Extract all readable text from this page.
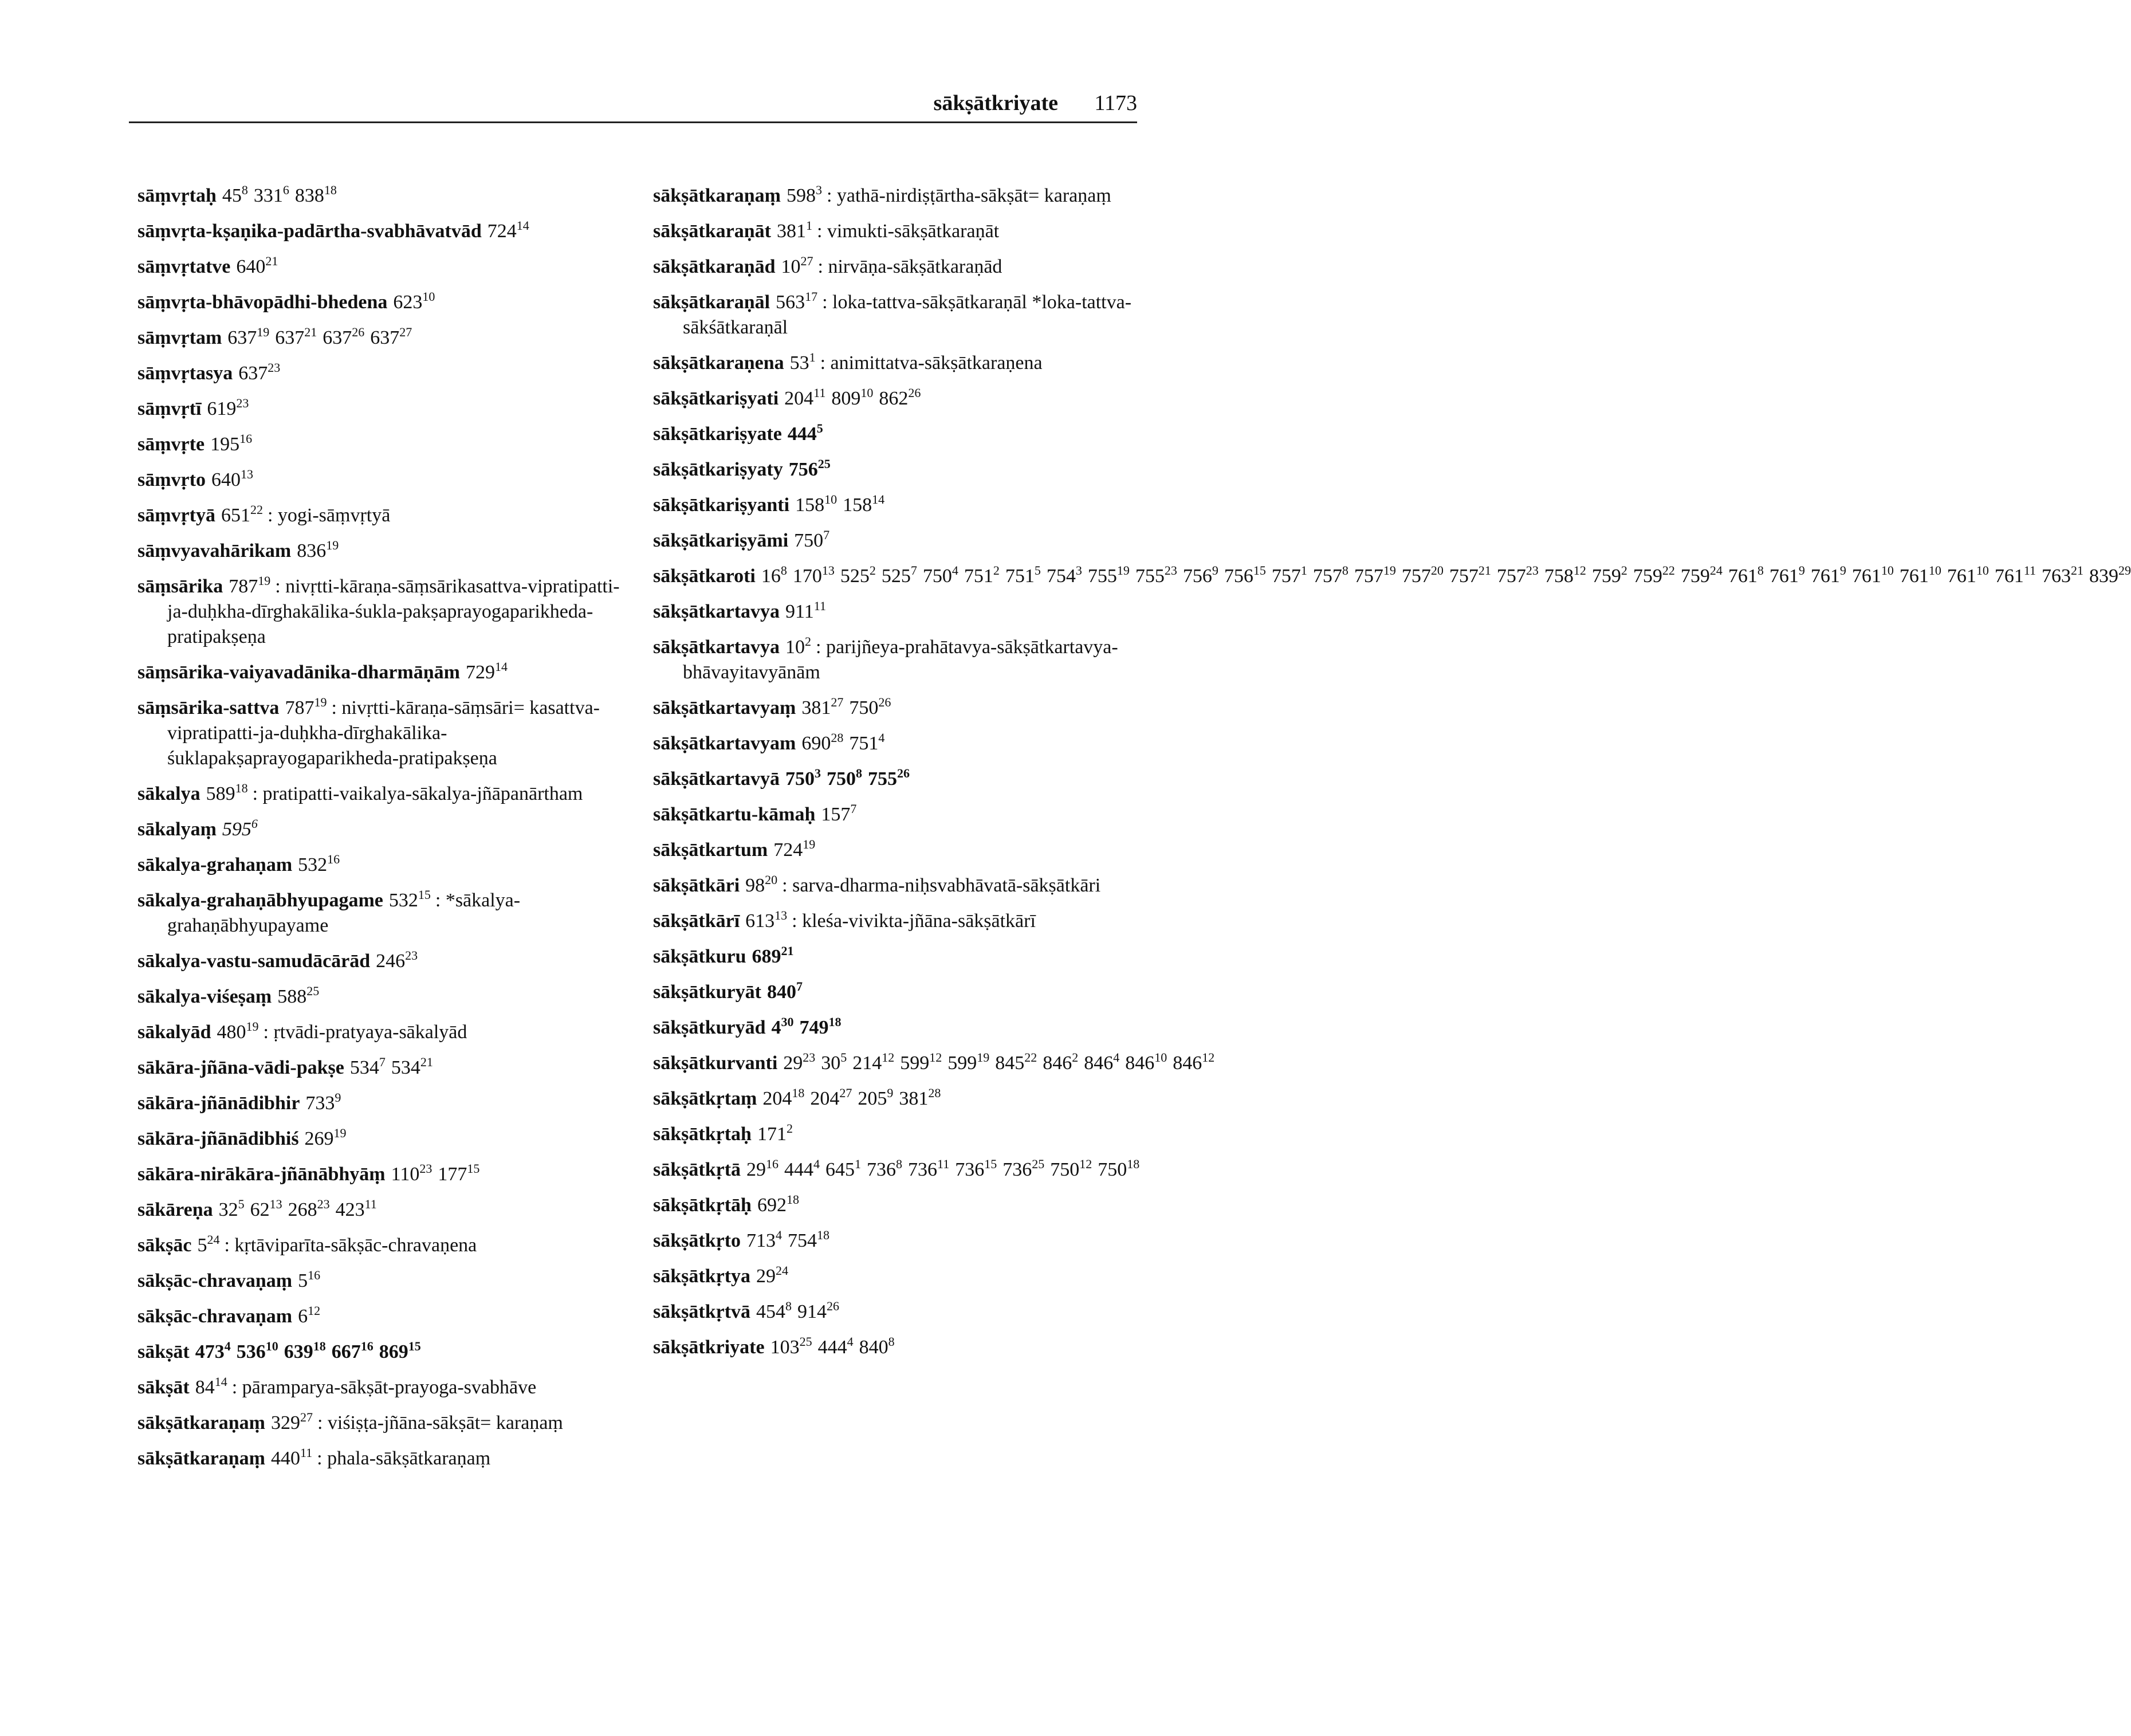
sākṣātkriyate 1173
sāṃvṛtaḥ $45^8$ $331^6$ $838^{18}$
sāṃvṛta-kṣaṇika-padārtha-svabhāvatvād $724^{14}$
sāṃvṛtatve $640^{21}$
sāṃvṛta-bhāvopādhi-bhedena $623^{10}$
sāṃvṛtam $637^{19}$ $637^{21}$ $637^{26}$ $637^{27}$
sāṃvṛtasya $637^{23}$
sāṃvṛtī $619^{23}$
sāṃvṛte $195^{16}$
sāṃvṛto $640^{13}$
sāṃvṛtyā $651^{22}$ : yogi-sāṃvṛtyā
sāṃvyavahārikam $836^{19}$
sāṃsārika $787^{19}$ : nivṛtti-kāraṇa-sāṃsārikasattva-vipratipatti-ja-duḥkha-dīrghakālika-śukla-pakṣaprayogaparikheda-pratipakṣeṇa
sāṃsārika-vaiyavadānika-dharmāṇām $729^{14}$
sāṃsārika-sattva $787^{19}$ : nivṛtti-kāraṇa-sāṃsāri= kasattva-vipratipatti-ja-duḥkha-dīrghakālika-śuklapakṣaprayogaparikheda-pratipakṣeṇa
sākalya $589^{18}$ : pratipatti-vaikalya-sākalya-jñāpanārtham
sākalyaṃ $595^6$
sākalya-grahaṇam $532^{16}$
sākalya-grahaṇābhyupagame $532^{15}$ : *sākalya-grahaṇābhyupayame
sākalya-vastu-samudācārād $246^{23}$
sākalya-viśeṣaṃ $588^{25}$
sākalyād $480^{19}$ : ṛtvādi-pratyaya-sākalyād
sākāra-jñāna-vādi-pakṣe $534^7$ $534^{21}$
sākāra-jñānādibhir $733^9$
sākāra-jñānādibhiś $269^{19}$
sākāra-nirākāra-jñānābhyāṃ $110^{23}$ $177^{15}$
sākāreṇa $32^5$ $62^{13}$ $268^{23}$ $423^{11}$
sākṣāc $5^{24}$ : kṛtāviparīta-sākṣāc-chravaṇena
sākṣāc-chravaṇaṃ $5^{16}$
sākṣāc-chravaṇam $6^{12}$
sākṣāt $473^4$ $536^{10}$ $639^{18}$ $667^{16}$ $869^{15}$
sākṣāt $84^{14}$ : pāramparya-sākṣāt-prayoga-svabhāve
sākṣātkaraṇaṃ $329^{27}$ : viśiṣṭa-jñāna-sākṣāt= karaṇaṃ
sākṣātkaraṇaṃ $440^{11}$ : phala-sākṣātkaraṇaṃ
sākṣātkaraṇaṃ $598^3$ : yathā-nirdiṣṭārtha-sākṣāt= karaṇaṃ
sākṣātkaraṇāt $381^1$ : vimukti-sākṣātkaraṇāt
sākṣātkaraṇād $10^{27}$ : nirvāṇa-sākṣātkaraṇād
sākṣātkaraṇāl $563^{17}$ : loka-tattva-sākṣātkaraṇāl *loka-tattva-sākśātkaraṇāl
sākṣātkaraṇena $53^1$ : animittatva-sākṣātkaraṇena
sākṣātkariṣyati $204^{11}$ $809^{10}$ $862^{26}$
sākṣātkariṣyate $444^5$
sākṣātkariṣyaty $756^{25}$
sākṣātkariṣyanti $158^{10}$ $158^{14}$
sākṣātkariṣyāmi $750^7$
sākṣātkaroti $16^8$ $170^{13}$ $525^2$ $525^7$ $750^4$ $751^2$ $751^5$ $754^3$ $755^{19}$ $755^{23}$ $756^9$ $756^{15}$ $757^1$ $757^8$ $757^{19}$ $757^{20}$ $757^{21}$ $757^{23}$ $758^{12}$ $759^2$ $759^{22}$ $759^{24}$ $761^8$ $761^9$ $761^9$ $761^{10}$ $761^{10}$ $761^{10}$ $761^{11}$ $763^{21}$ $839^{29}$
sākṣātkartavya $911^{11}$
sākṣātkartavya $10^2$ : parijñeya-prahātavya-sākṣātkartavya-bhāvayitavyānām
sākṣātkartavyaṃ $381^{27}$ $750^{26}$
sākṣātkartavyam $690^{28}$ $751^4$
sākṣātkartavyā $750^3$ $750^8$ $755^{26}$
sākṣātkartu-kāmaḥ $157^7$
sākṣātkartum $724^{19}$
sākṣātkāri $98^{20}$ : sarva-dharma-niḥsvabhāvatā-sākṣātkāri
sākṣātkārī $613^{13}$ : kleśa-vivikta-jñāna-sākṣātkārī
sākṣātkuru $689^{21}$
sākṣātkuryāt $840^7$
sākṣātkuryād $4^{30}$ $749^{18}$
sākṣātkurvanti $29^{23}$ $30^5$ $214^{12}$ $599^{12}$ $599^{19}$ $845^{22}$ $846^2$ $846^4$ $846^{10}$ $846^{12}$
sākṣātkṛtaṃ $204^{18}$ $204^{27}$ $205^9$ $381^{28}$
sākṣātkṛtaḥ $171^2$
sākṣātkṛtā $29^{16}$ $444^4$ $645^1$ $736^8$ $736^{11}$ $736^{15}$ $736^{25}$ $750^{12}$ $750^{18}$
sākṣātkṛtāḥ $692^{18}$
sākṣātkṛto $713^4$ $754^{18}$
sākṣātkṛtya $29^{24}$
sākṣātkṛtvā $454^8$ $914^{26}$
sākṣātkriyate $103^{25}$ $444^4$ $840^8$
